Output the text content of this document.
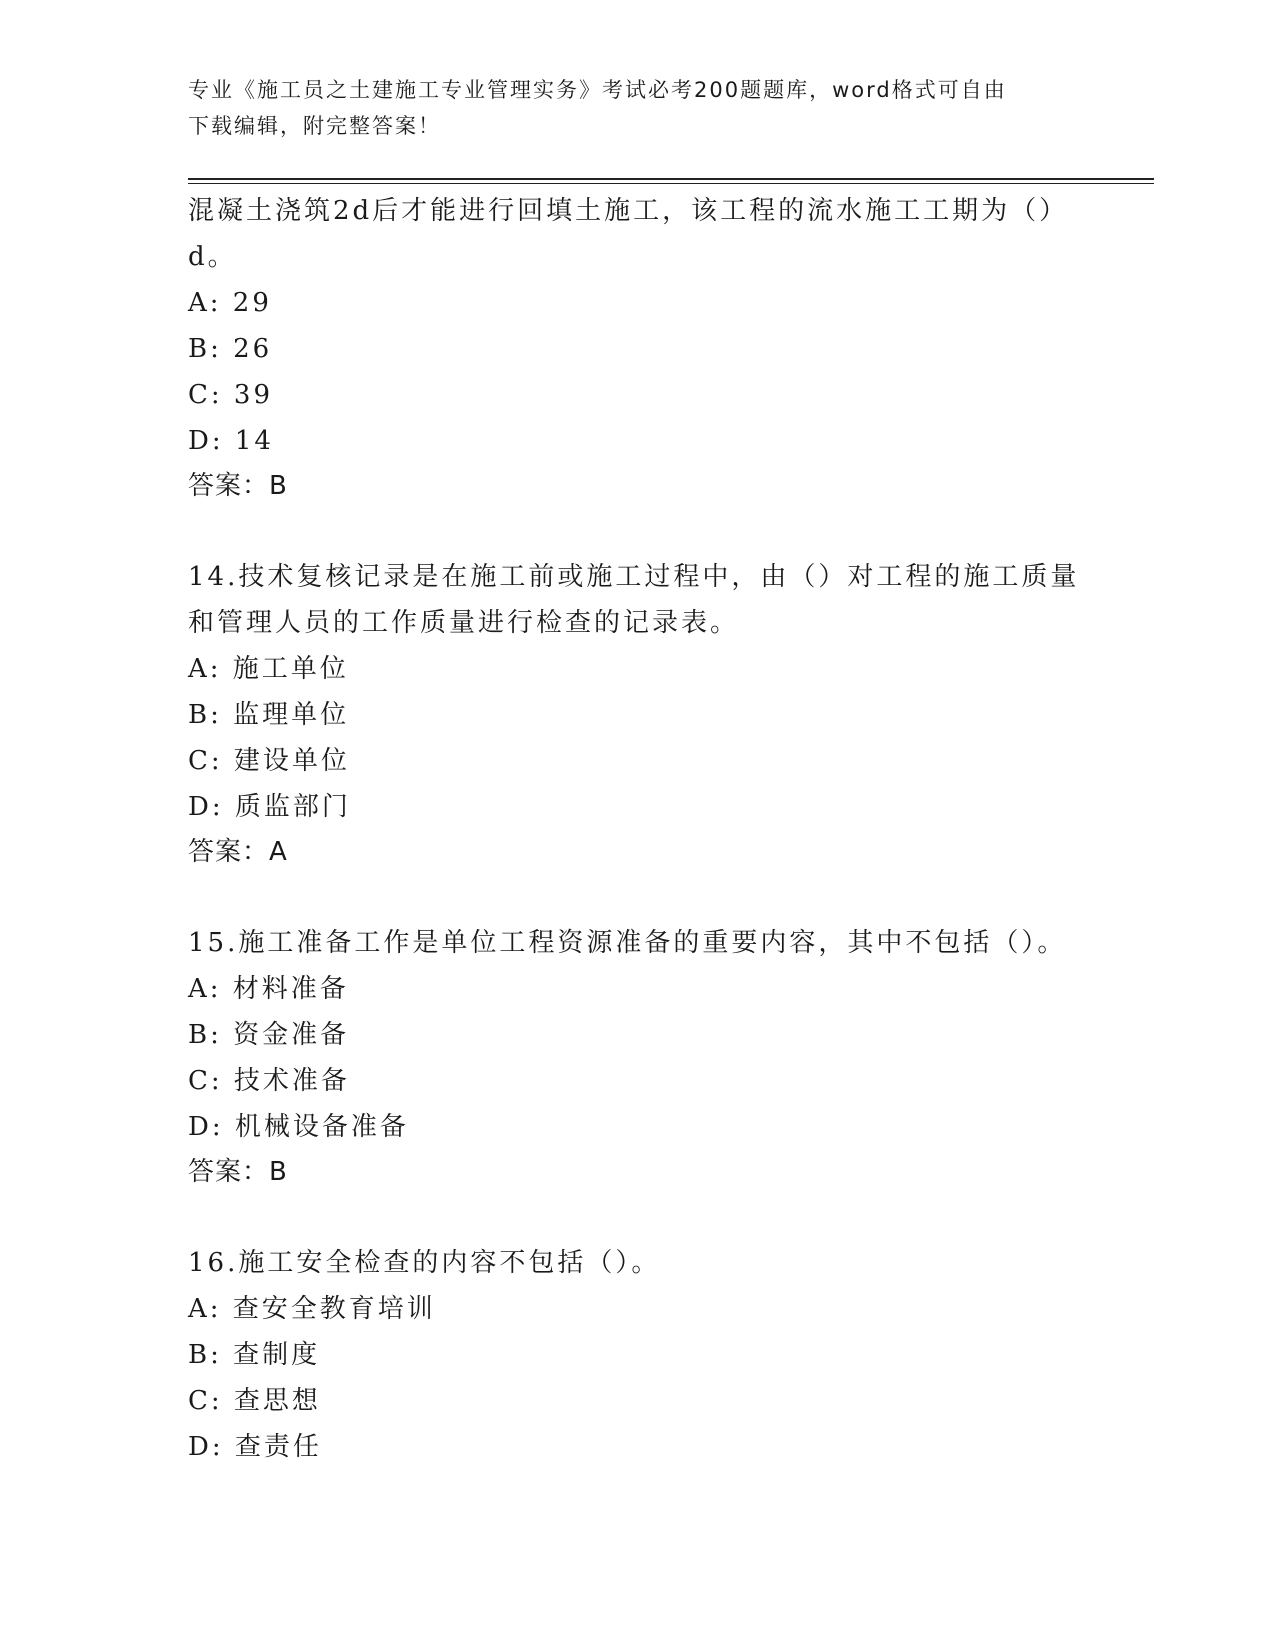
专业《施工员之土建施工专业管理实务》考试必考200题题库，word格式可自由
下载编辑，附完整答案！
混凝土浇筑2d后才能进行回填土施工，该工程的流水施工工期为（）
d。
A: 29
B: 26
C: 39
D: 14
答案：B
14.技术复核记录是在施工前或施工过程中，由（）对工程的施工质量
和管理人员的工作质量进行检查的记录表。
A: 施工单位
B: 监理单位
C: 建设单位
D: 质监部门
答案：A
15.施工准备工作是单位工程资源准备的重要内容，其中不包括（）。
A: 材料准备
B: 资金准备
C: 技术准备
D: 机械设备准备
答案：B
16.施工安全检查的内容不包括（）。
A: 查安全教育培训
B: 查制度
C: 查思想
D: 查责任
